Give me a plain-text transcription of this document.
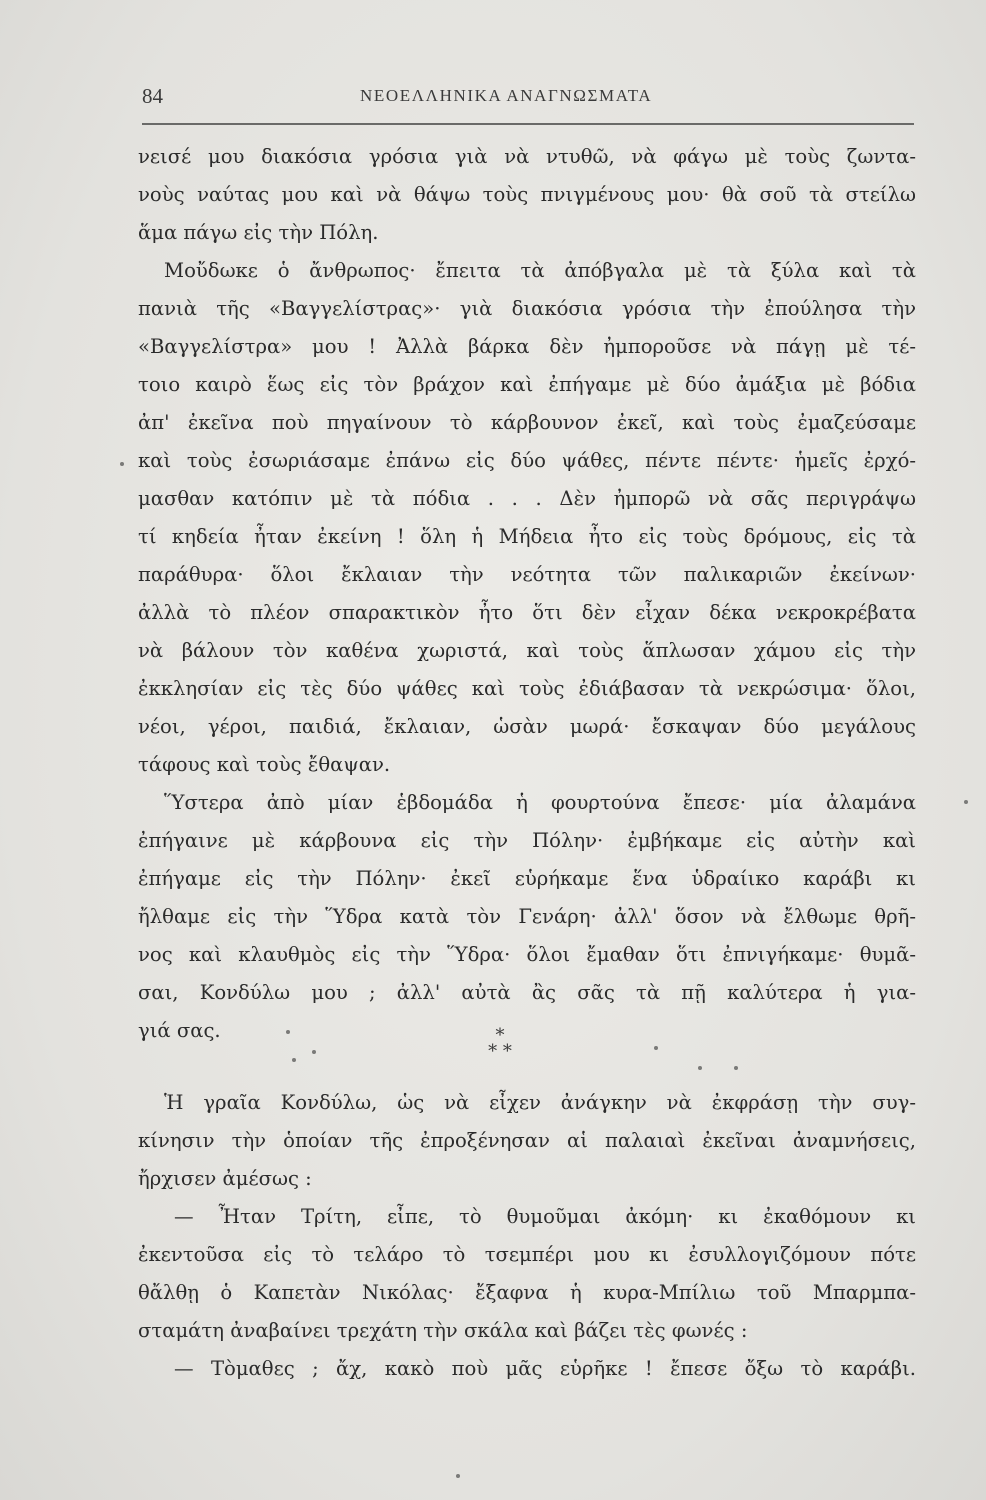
84	ΝΕΟΕΛΛΗΝΙΚΑ ΑΝΑΓΝΩΣΜΑΤΑ
νεισέ μου διακόσια γρόσια γιὰ νὰ ντυθῶ, νὰ φάγω μὲ τοὺς ζωντα-
νοὺς ναύτας μου καὶ νὰ θάψω τοὺς πνιγμένους μου· θὰ σοῦ τὰ στείλω
ἅμα πάγω εἰς τὴν Πόλη.
Μοὔδωκε ὁ ἄνθρωπος· ἔπειτα τὰ ἀπόβγαλα μὲ τὰ ξύλα καὶ τὰ
πανιὰ τῆς «Βαγγελίστρας»· γιὰ διακόσια γρόσια τὴν ἐπούλησα τὴν
«Βαγγελίστρα» μου ! Ἀλλὰ βάρκα δὲν ἠμποροῦσε νὰ πάγῃ μὲ τέ-
τοιο καιρὸ ἕως εἰς τὸν βράχον καὶ ἐπήγαμε μὲ δύο ἀμάξια μὲ βόδια
ἀπ' ἐκεῖνα ποὺ πηγαίνουν τὸ κάρβουνον ἐκεῖ, καὶ τοὺς ἐμαζεύσαμε
καὶ τοὺς ἐσωριάσαμε ἐπάνω εἰς δύο ψάθες, πέντε πέντε· ἡμεῖς ἐρχό-
μασθαν κατόπιν μὲ τὰ πόδια . . . Δὲν ἠμπορῶ νὰ σᾶς περιγράψω
τί κηδεία ἦταν ἐκείνη ! ὅλη ἡ Μήδεια ἦτο εἰς τοὺς δρόμους, εἰς τὰ
παράθυρα· ὅλοι ἔκλαιαν τὴν νεότητα τῶν παλικαριῶν ἐκείνων·
ἀλλὰ τὸ πλέον σπαρακτικὸν ἦτο ὅτι δὲν εἶχαν δέκα νεκροκρέβατα
νὰ βάλουν τὸν καθένα χωριστά, καὶ τοὺς ἅπλωσαν χάμου εἰς τὴν
ἐκκλησίαν εἰς τὲς δύο ψάθες καὶ τοὺς ἐδιάβασαν τὰ νεκρώσιμα· ὅλοι,
νέοι, γέροι, παιδιά, ἔκλαιαν, ὡσὰν μωρά· ἔσκαψαν δύο μεγάλους
τάφους καὶ τοὺς ἔθαψαν.
Ὕστερα ἀπὸ μίαν ἑβδομάδα ἡ φουρτούνα ἔπεσε· μία ἀλαμάνα
ἐπήγαινε μὲ κάρβουνα εἰς τὴν Πόλην· ἐμβήκαμε εἰς αὐτὴν καὶ
ἐπήγαμε εἰς τὴν Πόλην· ἐκεῖ εὑρήκαμε ἕνα ὑδραίικο καράβι κι
ἤλθαμε εἰς τὴν Ὕδρα κατὰ τὸν Γενάρη· ἀλλ' ὅσον νὰ ἔλθωμε θρῆ-
νος καὶ κλαυθμὸς εἰς τὴν Ὕδρα· ὅλοι ἔμαθαν ὅτι ἐπνιγήκαμε· θυμᾶ-
σαι, Κονδύλω μου ; ἀλλ' αὐτὰ ἂς σᾶς τὰ πῇ καλύτερα ἡ για-
γιά σας.	*
* *
Ἡ γραῖα Κονδύλω, ὡς νὰ εἶχεν ἀνάγκην νὰ ἐκφράσῃ τὴν συγ-
κίνησιν τὴν ὁποίαν τῆς ἐπροξένησαν αἱ παλαιαὶ ἐκεῖναι ἀναμνήσεις,
ἤρχισεν ἀμέσως :
— Ἦταν Τρίτη, εἶπε, τὸ θυμοῦμαι ἀκόμη· κι ἐκαθόμουν κι
ἐκεντοῦσα εἰς τὸ τελάρο τὸ τσεμπέρι μου κι ἐσυλλογιζόμουν πότε
θἄλθῃ ὁ Καπετὰν Νικόλας· ἔξαφνα ἡ κυρα-Μπίλιω τοῦ Μπαρμπα-
σταμάτη ἀναβαίνει τρεχάτη τὴν σκάλα καὶ βάζει τὲς φωνές :
— Τὸμαθες ; ἄχ, κακὸ ποὺ μᾶς εὑρῆκε ! ἔπεσε ὄξω τὸ καράβι.
